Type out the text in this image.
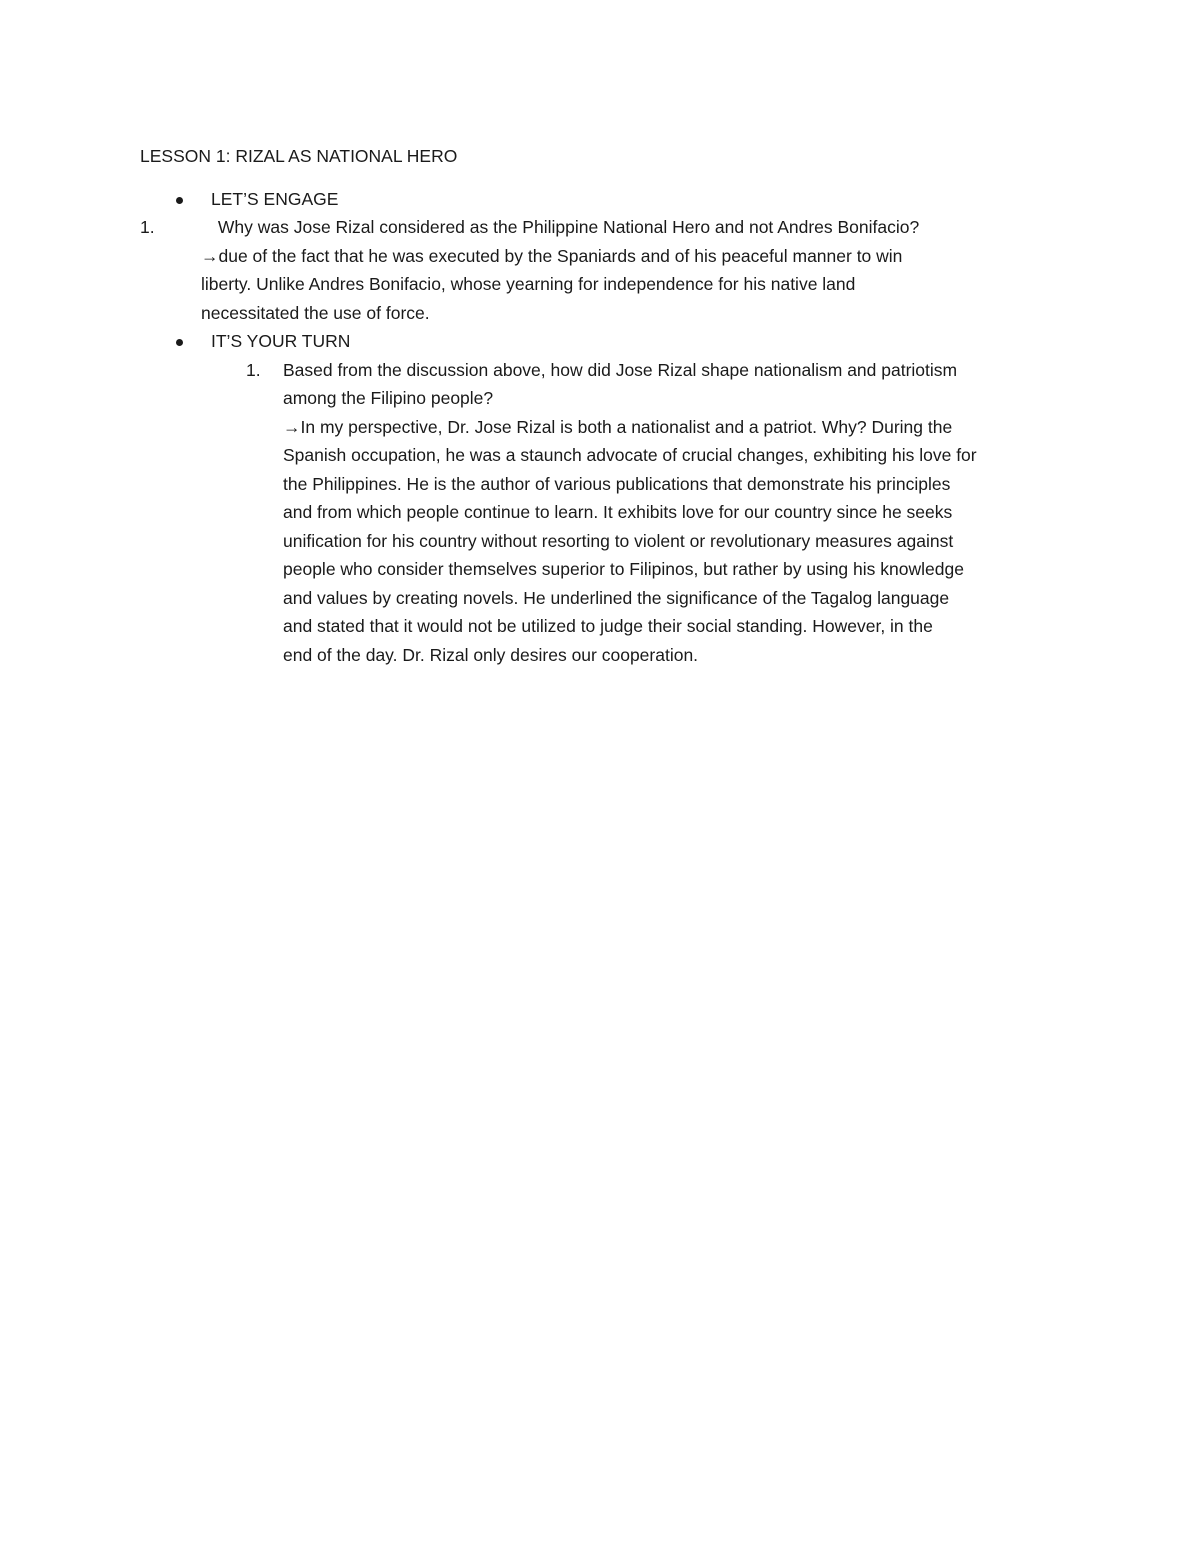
LESSON 1: RIZAL AS NATIONAL HERO
LET’S ENGAGE
1.	Why was Jose Rizal considered as the Philippine National Hero and not Andres Bonifacio?
→due of the fact that he was executed by the Spaniards and of his peaceful manner to win
liberty. Unlike Andres Bonifacio, whose yearning for independence for his native land
necessitated the use of force.
IT’S YOUR TURN
1. Based from the discussion above, how did Jose Rizal shape nationalism and patriotism
among the Filipino people?
→In my perspective, Dr. Jose Rizal is both a nationalist and a patriot. Why? During the
Spanish occupation, he was a staunch advocate of crucial changes, exhibiting his love for
the Philippines. He is the author of various publications that demonstrate his principles
and from which people continue to learn. It exhibits love for our country since he seeks
unification for his country without resorting to violent or revolutionary measures against
people who consider themselves superior to Filipinos, but rather by using his knowledge
and values by creating novels. He underlined the significance of the Tagalog language
and stated that it would not be utilized to judge their social standing. However, in the
end of the day. Dr. Rizal only desires our cooperation.
